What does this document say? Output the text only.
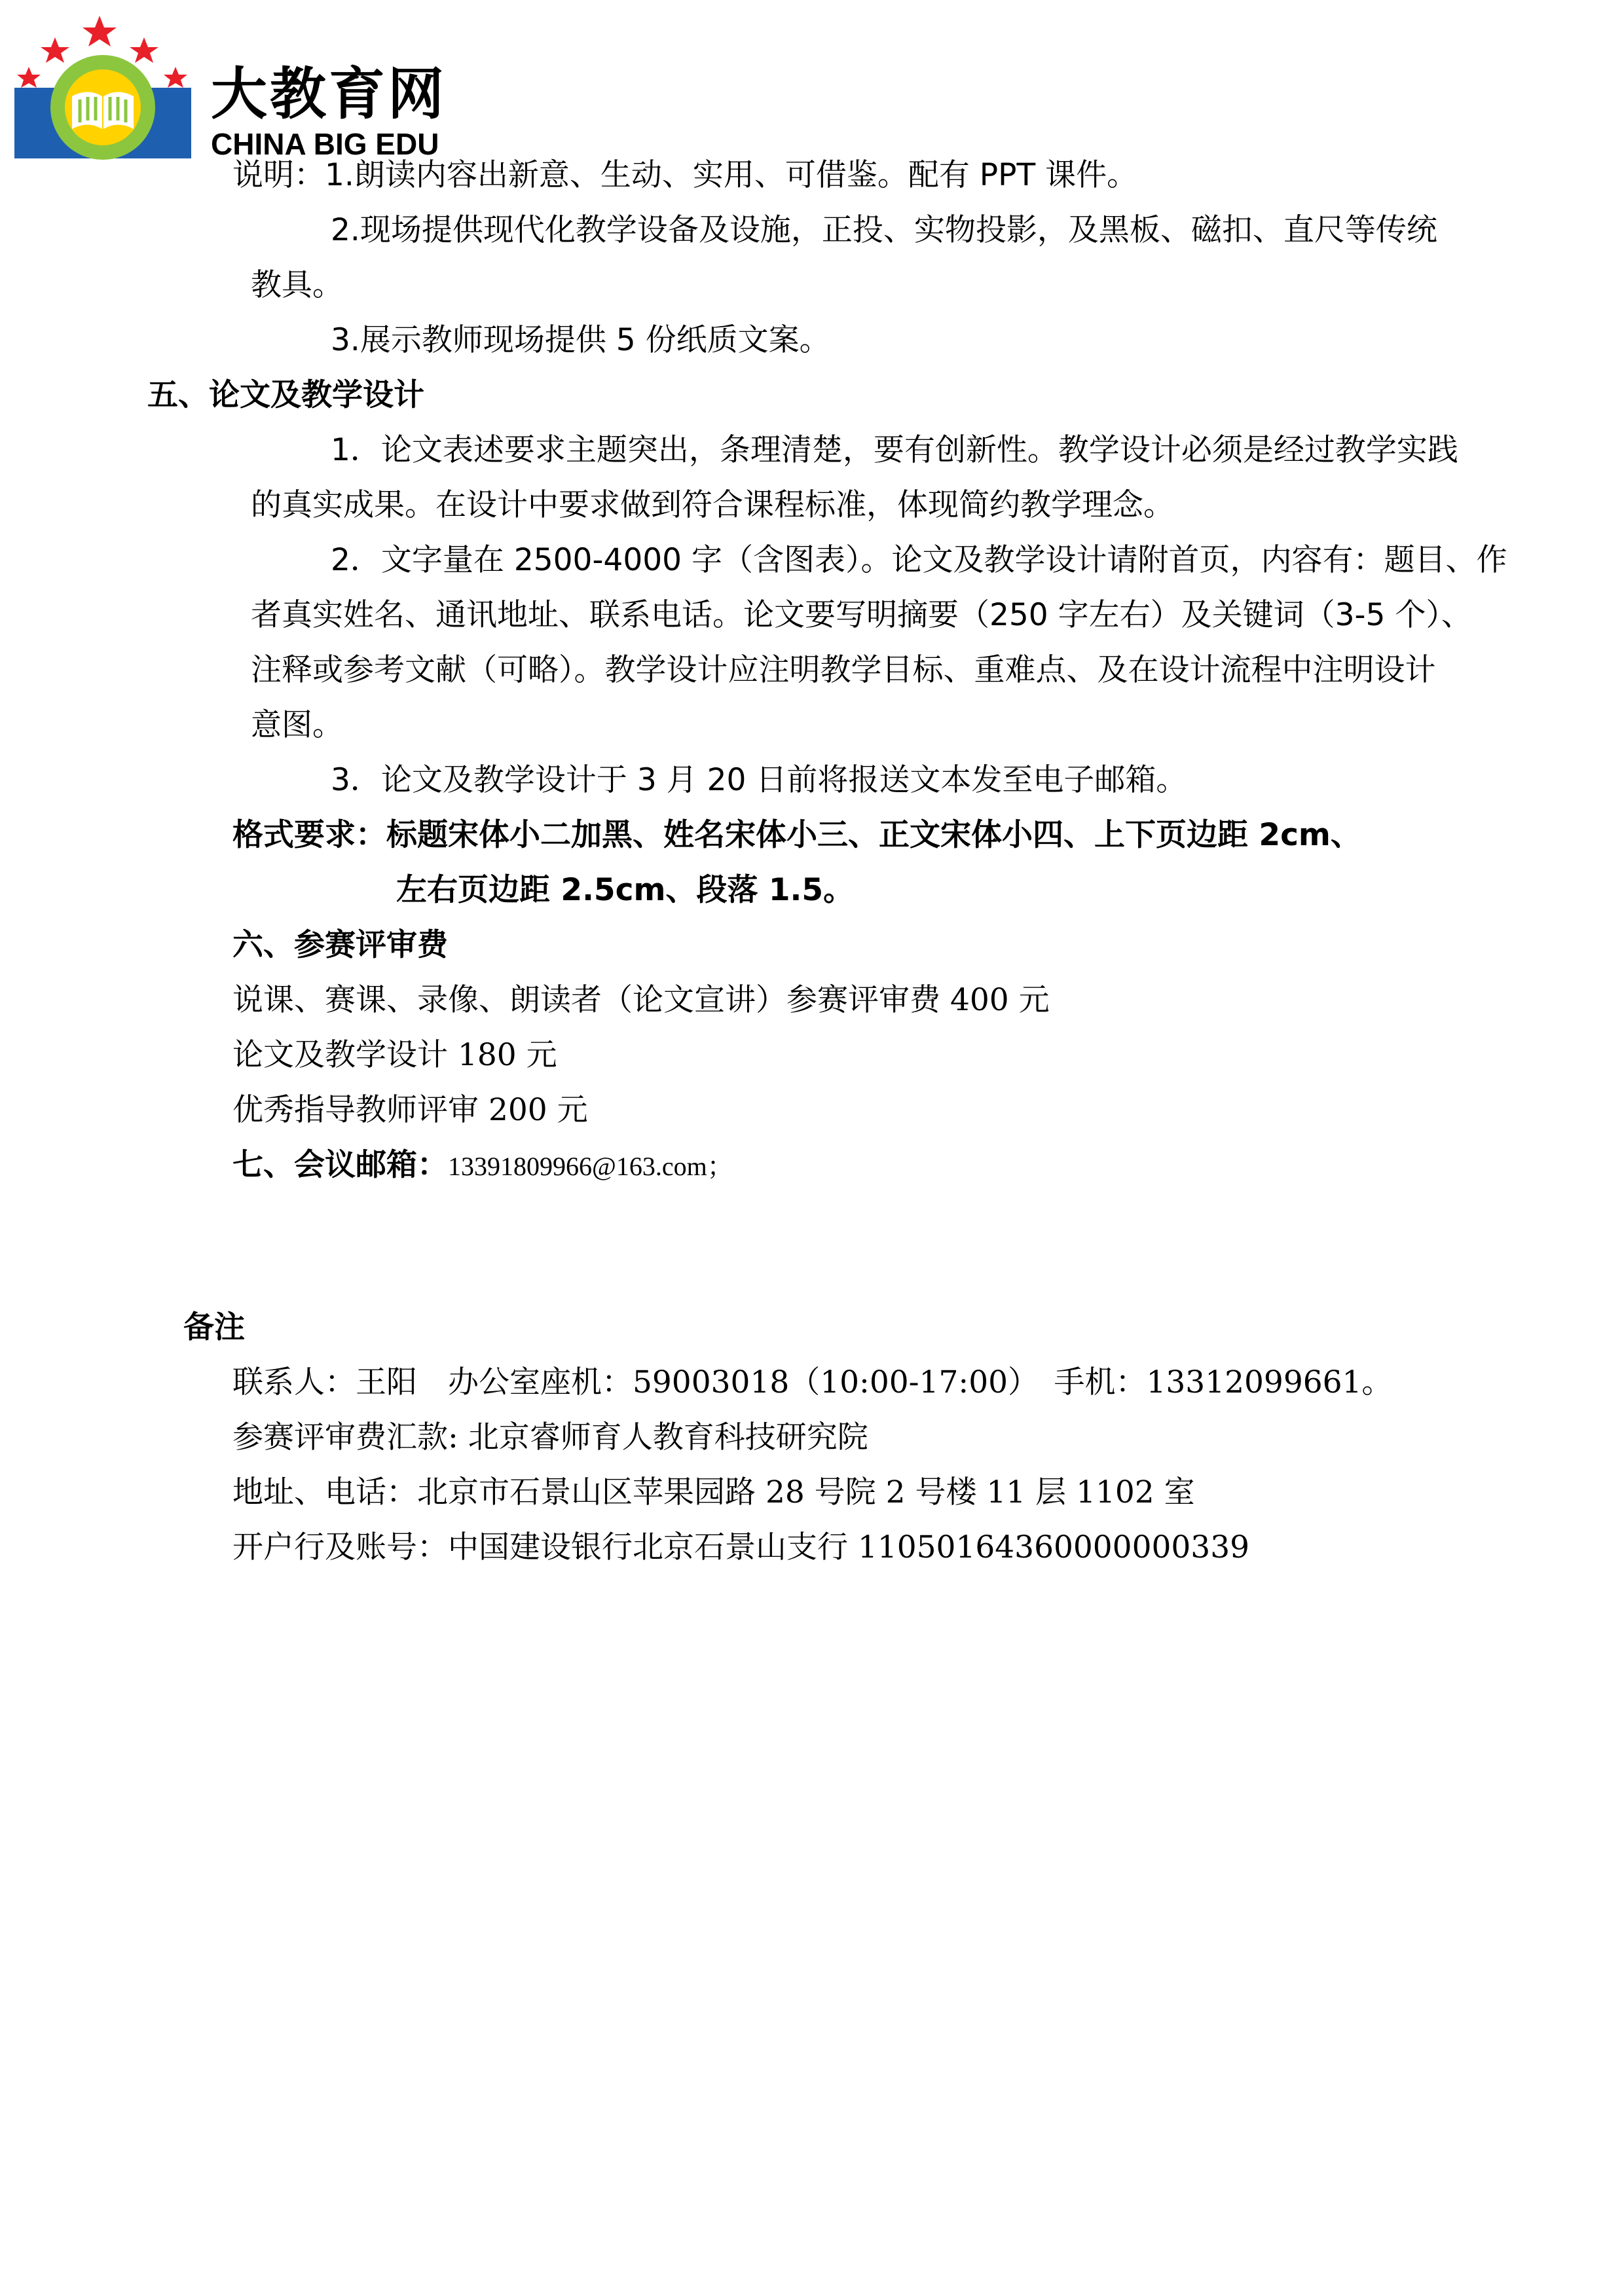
大教育网
CHINA BIG EDU
说明：1.朗读内容出新意、生动、实用、可借鉴。配有 PPT 课件。
2.现场提供现代化教学设备及设施，正投、实物投影，及黑板、磁扣、直尺等传统
教具。
3.展示教师现场提供 5 份纸质文案。
五、论文及教学设计
1．论文表述要求主题突出，条理清楚，要有创新性。教学设计必须是经过教学实践
的真实成果。在设计中要求做到符合课程标准，体现简约教学理念。
2．文字量在 2500-4000 字（含图表）。论文及教学设计请附首页，内容有：题目、作
者真实姓名、通讯地址、联系电话。论文要写明摘要（250 字左右）及关键词（3-5 个）、
注释或参考文献（可略）。教学设计应注明教学目标、重难点、及在设计流程中注明设计
意图。
3．论文及教学设计于 3 月 20 日前将报送文本发至电子邮箱。
格式要求：标题宋体小二加黑、姓名宋体小三、正文宋体小四、上下页边距 2cm、
左右页边距 2.5cm、段落 1.5。
六、参赛评审费
说课、赛课、录像、朗读者（论文宣讲）参赛评审费 400 元
论文及教学设计 180 元
优秀指导教师评审 200 元
七、会议邮箱：13391809966@163.com；
备注
联系人：王阳　办公室座机：59003018（10:00-17:00）　手机：13312099661。
参赛评审费汇款: 北京睿师育人教育科技研究院
地址、电话：北京市石景山区苹果园路 28 号院 2 号楼 11 层 1102 室
开户行及账号：中国建设银行北京石景山支行 11050164360000000339
